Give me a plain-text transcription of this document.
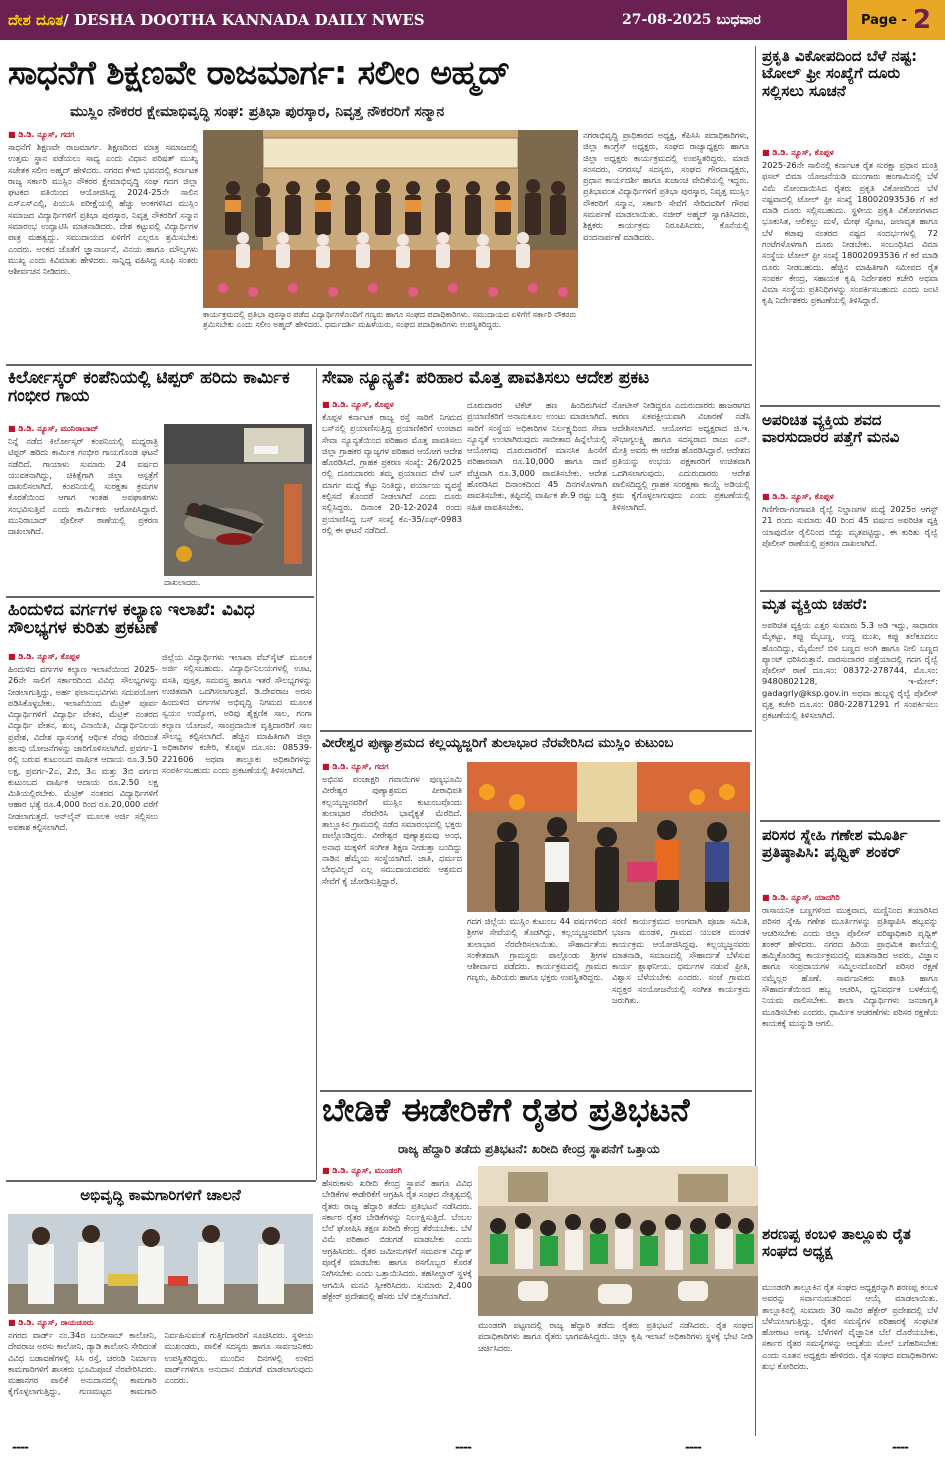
ದೇಶ ದೂತ/ DESHA DOOTHA KANNADA DAILY NWES	27-08-2025 ಬುಧವಾರ	Page - 2
ಸಾಧನೆಗೆ ಶಿಕ್ಷಣವೇ ರಾಜಮಾರ್ಗ: ಸಲೀಂ ಅಹ್ಮದ್
ಮುಸ್ಲಿಂ ನೌಕರರ ಕ್ಷೇಮಾಭಿವೃದ್ಧಿ ಸಂಘ: ಪ್ರತಿಭಾ ಪುರಸ್ಕಾರ, ನಿವೃತ್ತ ನೌಕರರಿಗೆ ಸನ್ಮಾನ
■ ಡಿ.ಡಿ. ನ್ಯೂಸ್, ಗದಗ
ಸಾಧನೆಗೆ ಶಿಕ್ಷಣವೇ ರಾಜಮಾರ್ಗ. ಶಿಕ್ಷಣದಿಂದ ಮಾತ್ರ ಸಮಾಜದಲ್ಲಿ ಉತ್ತಮ ಸ್ಥಾನ ಪಡೆಯಲು ಸಾಧ್ಯ ಎಂದು ವಿಧಾನ ಪರಿಷತ್ ಮುಖ್ಯ ಸಚೇತಕ ಸಲೀಂ ಅಹ್ಮದ್ ಹೇಳಿದರು. ನಗರದ ಕೆಇಬಿ ಭವನದಲ್ಲಿ ಕರ್ನಾಟಕ ರಾಜ್ಯ ಸರ್ಕಾರಿ ಮುಸ್ಲಿಂ ನೌಕರರ ಕ್ಷೇಮಾಭಿವೃದ್ಧಿ ಸಂಘ ಗದಗ ಜಿಲ್ಲಾ ಘಟಕದ ವತಿಯಿಂದ ಆಯೋಜಿಸಿದ್ದ 2024-25ನೇ ಸಾಲಿನ ಎಸ್ಎಸ್ಎಲ್ಸಿ, ಪಿಯುಸಿ ಪರೀಕ್ಷೆಯಲ್ಲಿ ಹೆಚ್ಚು ಅಂಕಗಳಿಸಿದ ಮುಸ್ಲಿಂ ಸಮಾಜದ ವಿದ್ಯಾರ್ಥಿಗಳಿಗೆ ಪ್ರತಿಭಾ ಪುರಸ್ಕಾರ, ನಿವೃತ್ತ ನೌಕರರಿಗೆ ಸನ್ಮಾನ ಸಮಾರಂಭ ಉದ್ಘಾಟಿಸಿ ಮಾತನಾಡಿದರು. ದೇಶ ಕಟ್ಟುವಲ್ಲಿ ವಿದ್ಯಾರ್ಥಿಗಳ ಪಾತ್ರ ಮಹತ್ವದ್ದು. ಸಮುದಾಯದ ಏಳಿಗೆಗೆ ಎಲ್ಲರೂ ಶ್ರಮಿಸಬೇಕು ಎಂದರು. ಅಂಕದ ಜೊತೆಗೆ ಜ್ಞಾನಾರ್ಜನೆ, ವಿನಯ ಹಾಗೂ ಮೌಲ್ಯಗಳು ಮುಖ್ಯ ಎಂದು ಕಿವಿಮಾತು ಹೇಳಿದರು. ಸಾನ್ನಿಧ್ಯ ವಹಿಸಿದ್ದ ಸೂಫಿ ಸಂತರು ಆಶೀರ್ವಚನ ನೀಡಿದರು.
ಕಾರ್ಯಕ್ರಮದಲ್ಲಿ ಪ್ರತಿಭಾ ಪುರಸ್ಕಾರ ಪಡೆದ ವಿದ್ಯಾರ್ಥಿಗಳೊಂದಿಗೆ ಗಣ್ಯರು ಹಾಗೂ ಸಂಘದ ಪದಾಧಿಕಾರಿಗಳು. ಸಮುದಾಯದ ಏಳಿಗೆಗೆ ಸರ್ಕಾರಿ ನೌಕರರು ಶ್ರಮಿಸಬೇಕು ಎಂದು ಸಲೀಂ ಅಹ್ಮದ್ ಹೇಳಿದರು. ಧರ್ಮದರ್ಶಿ ಮಹಿಳೆಯರು, ಸಂಘದ ಪದಾಧಿಕಾರಿಗಳು ಉಪಸ್ಥಿತರಿದ್ದರು.
ನಗರಾಭಿವೃದ್ಧಿ ಪ್ರಾಧಿಕಾರದ ಅಧ್ಯಕ್ಷ, ಕೆಪಿಸಿಸಿ ಪದಾಧಿಕಾರಿಗಳು, ಜಿಲ್ಲಾ ಕಾಂಗ್ರೆಸ್ ಅಧ್ಯಕ್ಷರು, ಸಂಘದ ರಾಜ್ಯಾಧ್ಯಕ್ಷರು ಹಾಗೂ ಜಿಲ್ಲಾ ಅಧ್ಯಕ್ಷರು ಕಾರ್ಯಕ್ರಮದಲ್ಲಿ ಉಪಸ್ಥಿತರಿದ್ದರು. ಮಾಜಿ ಸಂಸದರು, ನಗರಸಭೆ ಸದಸ್ಯರು, ಸಂಘದ ಗೌರವಾಧ್ಯಕ್ಷರು, ಪ್ರಧಾನ ಕಾರ್ಯದರ್ಶಿ ಹಾಗೂ ಖಜಾಂಚಿ ವೇದಿಕೆಯಲ್ಲಿ ಇದ್ದರು. ಪ್ರತಿಭಾವಂತ ವಿದ್ಯಾರ್ಥಿಗಳಿಗೆ ಪ್ರತಿಭಾ ಪುರಸ್ಕಾರ, ನಿವೃತ್ತ ಮುಸ್ಲಿಂ ನೌಕರರಿಗೆ ಸನ್ಮಾನ, ಸರ್ಕಾರಿ ಸೇವೆಗೆ ಸೇರಿದವರಿಗೆ ಗೌರವ ಸಮರ್ಪಣೆ ಮಾಡಲಾಯಿತು. ನಜೀರ್ ಅಹ್ಮದ್ ಸ್ವಾಗತಿಸಿದರು, ಶಿಕ್ಷಕರು ಕಾರ್ಯಕ್ರಮ ನಿರೂಪಿಸಿದರು, ಕೊನೆಯಲ್ಲಿ ವಂದನಾರ್ಪಣೆ ಮಾಡಿದರು.
ಪ್ರಕೃತಿ ವಿಕೋಪದಿಂದ ಬೆಳೆ ನಷ್ಟ: ಟೋಲ್ ಫ್ರೀ ಸಂಖ್ಯೆಗೆ ದೂರು ಸಲ್ಲಿಸಲು ಸೂಚನೆ
■ ಡಿ.ಡಿ. ನ್ಯೂಸ್, ಕೊಪ್ಪಳ
2025-26ನೇ ಸಾಲಿನಲ್ಲಿ ಕರ್ನಾಟಕ ರೈತ ಸುರಕ್ಷಾ ಪ್ರಧಾನ ಮಂತ್ರಿ ಫಸಲ್ ಬಿಮಾ ಯೋಜನೆಯಡಿ ಮುಂಗಾರು ಹಂಗಾಮಿನಲ್ಲಿ ಬೆಳೆ ವಿಮೆ ನೋಂದಾಯಿಸಿದ ರೈತರು ಪ್ರಕೃತಿ ವಿಕೋಪದಿಂದ ಬೆಳೆ ನಷ್ಟವಾದಲ್ಲಿ ಟೋಲ್ ಫ್ರೀ ಸಂಖ್ಯೆ 18002093536 ಗೆ ಕರೆ ಮಾಡಿ ದೂರು ಸಲ್ಲಿಸಬಹುದು. ಸ್ಥಳೀಯ ಪ್ರಕೃತಿ ವಿಕೋಪಗಳಾದ ಭೂಕುಸಿತ, ಆಲಿಕಲ್ಲು ಮಳೆ, ಮೇಘ ಸ್ಫೋಟ, ಜಲಾವೃತ ಹಾಗೂ ಬೆಳೆ ಕಟಾವು ನಂತರದ ನಷ್ಟದ ಸಂದರ್ಭಗಳಲ್ಲಿ 72 ಗಂಟೆಗಳೊಳಗಾಗಿ ದೂರು ನೀಡಬೇಕು. ಸಂಬಂಧಿಸಿದ ವಿಮಾ ಸಂಸ್ಥೆಯ ಟೋಲ್ ಫ್ರೀ ಸಂಖ್ಯೆ 18002093536 ಗೆ ಕರೆ ಮಾಡಿ ದೂರು ನೀಡಬಹುದು. ಹೆಚ್ಚಿನ ಮಾಹಿತಿಗಾಗಿ ಸಮೀಪದ ರೈತ ಸಂಪರ್ಕ ಕೇಂದ್ರ, ಸಹಾಯಕ ಕೃಷಿ ನಿರ್ದೇಶಕರ ಕಚೇರಿ ಅಥವಾ ವಿಮಾ ಸಂಸ್ಥೆಯ ಪ್ರತಿನಿಧಿಗಳನ್ನು ಸಂಪರ್ಕಿಸಬಹುದು ಎಂದು ಜಂಟಿ ಕೃಷಿ ನಿರ್ದೇಶಕರು ಪ್ರಕಟಣೆಯಲ್ಲಿ ತಿಳಿಸಿದ್ದಾರೆ.
ಅಪರಿಚಿತ ವ್ಯಕ್ತಿಯ ಶವದ ವಾರಸುದಾರರ ಪತ್ತೆಗೆ ಮನವಿ
■ ಡಿ.ಡಿ. ನ್ಯೂಸ್, ಕೊಪ್ಪಳ
ಗಿಣಿಗೇರಾ-ಗಂಗಾವತಿ ರೈಲ್ವೆ ನಿಲ್ದಾಣಗಳ ಮಧ್ಯೆ 2025ರ ಆಗಸ್ಟ್ 21 ರಂದು ಸುಮಾರು 40 ರಿಂದ 45 ವರ್ಷದ ಅಪರಿಚಿತ ವ್ಯಕ್ತಿ ಯಾವುದೋ ರೈಲಿನಿಂದ ಬಿದ್ದು ಮೃತಪಟ್ಟಿದ್ದು, ಈ ಕುರಿತು ರೈಲ್ವೆ ಪೊಲೀಸ್ ಠಾಣೆಯಲ್ಲಿ ಪ್ರಕರಣ ದಾಖಲಾಗಿದೆ.
ಮೃತ ವ್ಯಕ್ತಿಯ ಚಹರೆ:
ಅಪರಿಚಿತ ವ್ಯಕ್ತಿಯ ಎತ್ತರ ಸುಮಾರು 5.3 ಅಡಿ ಇದ್ದು, ಸಾಧಾರಣ ಮೈಕಟ್ಟು, ಕಪ್ಪು ಮೈಬಣ್ಣ, ಉದ್ದ ಮುಖ, ಕಪ್ಪು ತಲೆಕೂದಲು ಹೊಂದಿದ್ದು, ಮೈಮೇಲೆ ಬಿಳಿ ಬಣ್ಣದ ಅಂಗಿ ಹಾಗೂ ನೀಲಿ ಬಣ್ಣದ ಪ್ಯಾಂಟ್ ಧರಿಸಿರುತ್ತಾನೆ. ವಾರಸುದಾರರ ಪತ್ತೆಯಾದಲ್ಲಿ ಗದಗ ರೈಲ್ವೆ ಪೊಲೀಸ್ ಠಾಣೆ ದೂ.ಸಂ: 08372-278744, ಮೊ.ಸಂ: 9480802128, ಇ-ಮೇಲ್: gadagrly@ksp.gov.in ಅಥವಾ ಹುಬ್ಬಳ್ಳಿ ರೈಲ್ವೆ ಪೊಲೀಸ್ ವೃತ್ತ ಕಚೇರಿ ದೂ.ಸಂ: 080-22871291 ಗೆ ಸಂಪರ್ಕಿಸಲು ಪ್ರಕಟಣೆಯಲ್ಲಿ ತಿಳಿಸಲಾಗಿದೆ.
ಪರಿಸರ ಸ್ನೇಹಿ ಗಣೇಶ ಮೂರ್ತಿ ಪ್ರತಿಷ್ಠಾಪಿಸಿ: ಪೃಥ್ವಿಕ್ ಶಂಕರ್
■ ಡಿ.ಡಿ. ನ್ಯೂಸ್, ಯಾದಗಿರಿ
ರಾಸಾಯನಿಕ ಬಣ್ಣಗಳಿಂದ ಮುಕ್ತವಾದ, ಮಣ್ಣಿನಿಂದ ತಯಾರಿಸಿದ ಪರಿಸರ ಸ್ನೇಹಿ ಗಣೇಶ ಮೂರ್ತಿಗಳನ್ನು ಪ್ರತಿಷ್ಠಾಪಿಸಿ ಹಬ್ಬವನ್ನು ಆಚರಿಸಬೇಕು ಎಂದು ಜಿಲ್ಲಾ ಪೊಲೀಸ್ ವರಿಷ್ಠಾಧಿಕಾರಿ ಪೃಥ್ವಿಕ್ ಶಂಕರ್ ಹೇಳಿದರು. ನಗರದ ಹಿರಿಯ ಪ್ರಾಥಮಿಕ ಶಾಲೆಯಲ್ಲಿ ಹಮ್ಮಿಕೊಂಡಿದ್ದ ಕಾರ್ಯಕ್ರಮದಲ್ಲಿ ಮಾತನಾಡಿದ ಅವರು, ವಿಜ್ಞಾನ ಹಾಗೂ ಸಂಪ್ರದಾಯಗಳ ಸಮ್ಮಿಲನದೊಂದಿಗೆ ಪರಿಸರ ರಕ್ಷಣೆ ನಮ್ಮೆಲ್ಲರ ಹೊಣೆ. ಸಾರ್ವಜನಿಕರು ಶಾಂತಿ ಹಾಗೂ ಸೌಹಾರ್ದತೆಯಿಂದ ಹಬ್ಬ ಆಚರಿಸಿ, ಧ್ವನಿವರ್ಧಕ ಬಳಕೆಯಲ್ಲಿ ನಿಯಮ ಪಾಲಿಸಬೇಕು. ಶಾಲಾ ವಿದ್ಯಾರ್ಥಿಗಳು ಜನಜಾಗೃತಿ ಮೂಡಿಸಬೇಕು ಎಂದರು. ಧಾರ್ಮಿಕ ಆಚರಣೆಗಳು ಪರಿಸರ ರಕ್ಷಣೆಯ ಕಾಯಕಕ್ಕೆ ಮುನ್ನುಡಿ ಆಗಲಿ.
ಕಿರ್ಲೋಸ್ಕರ್ ಕಂಪೆನಿಯಲ್ಲಿ ಟಿಪ್ಪರ್ ಹರಿದು ಕಾರ್ಮಿಕ ಗಂಭೀರ ಗಾಯ
■ ಡಿ.ಡಿ. ನ್ಯೂಸ್, ಮುನಿರಾಬಾದ್
ನಿನ್ನೆ ನಡೆದ ಕಿರ್ಲೋಸ್ಕರ್ ಕಂಪನಿಯಲ್ಲಿ ಮಧ್ಯರಾತ್ರಿ ಟಿಪ್ಪರ್ ಹರಿದು ಕಾರ್ಮಿಕ ಗಂಭೀರ ಗಾಯಗೊಂಡ ಘಟನೆ ನಡೆದಿದೆ. ಗಾಯಾಳು ಸುಮಾರು 24 ವರ್ಷದ ಯುವಕನಾಗಿದ್ದು, ಚಿಕಿತ್ಸೆಗಾಗಿ ಜಿಲ್ಲಾ ಆಸ್ಪತ್ರೆಗೆ ದಾಖಲಿಸಲಾಗಿದೆ. ಕಂಪನಿಯಲ್ಲಿ ಸುರಕ್ಷತಾ ಕ್ರಮಗಳ ಕೊರತೆಯಿಂದ ಆಗಾಗ ಇಂತಹ ಅಪಘಾತಗಳು ಸಂಭವಿಸುತ್ತಿವೆ ಎಂದು ಕಾರ್ಮಿಕರು ಆರೋಪಿಸಿದ್ದಾರೆ. ಮುನಿರಾಬಾದ್ ಪೊಲೀಸ್ ಠಾಣೆಯಲ್ಲಿ ಪ್ರಕರಣ ದಾಖಲಾಗಿದೆ.
ದಾಖಲಾದರು.
ಹಿಂದುಳಿದ ವರ್ಗಗಳ ಕಲ್ಯಾಣ ಇಲಾಖೆ: ವಿವಿಧ ಸೌಲಭ್ಯಗಳ ಕುರಿತು ಪ್ರಕಟಣೆ
■ ಡಿ.ಡಿ. ನ್ಯೂಸ್, ಕೊಪ್ಪಳ
ಹಿಂದುಳಿದ ವರ್ಗಗಳ ಕಲ್ಯಾಣ ಇಲಾಖೆಯಿಂದ 2025-26ನೇ ಸಾಲಿಗೆ ಸರ್ಕಾರದಿಂದ ವಿವಿಧ ಸೌಲಭ್ಯಗಳನ್ನು ನೀಡಲಾಗುತ್ತಿದ್ದು, ಅರ್ಹ ಫಲಾನುಭವಿಗಳು ಸದುಪಯೋಗ ಪಡಿಸಿಕೊಳ್ಳಬೇಕು. ಇಲಾಖೆಯಿಂದ ಮೆಟ್ರಿಕ್ ಪೂರ್ವ ವಿದ್ಯಾರ್ಥಿಗಳಿಗೆ ವಿದ್ಯಾರ್ಥಿ ವೇತನ, ಮೆಟ್ರಿಕ್ ನಂತರದ ವಿದ್ಯಾರ್ಥಿ ವೇತನ, ಶುಲ್ಕ ವಿನಾಯಿತಿ, ವಿದ್ಯಾರ್ಥಿನಿಲಯ ಪ್ರವೇಶ, ವಿದೇಶ ವ್ಯಾಸಂಗಕ್ಕೆ ಆರ್ಥಿಕ ನೆರವು ಸೇರಿದಂತೆ ಹಲವು ಯೋಜನೆಗಳನ್ನು ಜಾರಿಗೊಳಿಸಲಾಗಿದೆ. ಪ್ರವರ್ಗ-1 ರಲ್ಲಿ ಬರುವ ಕುಟುಂಬದ ವಾರ್ಷಿಕ ಆದಾಯ ರೂ.3.50 ಲಕ್ಷ, ಪ್ರವರ್ಗ-2ಎ, 2ಬಿ, 3ಎ ಮತ್ತು 3ಬಿ ವರ್ಗದ ಕುಟುಂಬದ ವಾರ್ಷಿಕ ಆದಾಯ ರೂ.2.50 ಲಕ್ಷ ಮಿತಿಯಲ್ಲಿರಬೇಕು. ಮೆಟ್ರಿಕ್ ನಂತರದ ವಿದ್ಯಾರ್ಥಿಗಳಿಗೆ ಆಹಾರ ಭತ್ಯೆ ರೂ.4,000 ರಿಂದ ರೂ.20,000 ವರೆಗೆ ನೀಡಲಾಗುತ್ತದೆ. ಆನ್‌ಲೈನ್ ಮೂಲಕ ಅರ್ಜಿ ಸಲ್ಲಿಸಲು ಅವಕಾಶ ಕಲ್ಪಿಸಲಾಗಿದೆ.
ಜಿಲ್ಲೆಯ ವಿದ್ಯಾರ್ಥಿಗಳು ಇಲಾಖಾ ವೆಬ್‌ಸೈಟ್ ಮೂಲಕ ಅರ್ಜಿ ಸಲ್ಲಿಸಬಹುದು. ವಿದ್ಯಾರ್ಥಿನಿಲಯಗಳಲ್ಲಿ ಊಟ, ವಸತಿ, ಪುಸ್ತಕ, ಸಮವಸ್ತ್ರ ಹಾಗೂ ಇತರೆ ಸೌಲಭ್ಯಗಳನ್ನು ಉಚಿತವಾಗಿ ಒದಗಿಸಲಾಗುತ್ತದೆ. ಡಿ.ದೇವರಾಜ ಅರಸು ಹಿಂದುಳಿದ ವರ್ಗಗಳ ಅಭಿವೃದ್ಧಿ ನಿಗಮದ ಮೂಲಕ ಸ್ವಯಂ ಉದ್ಯೋಗ, ಅರಿವು ಶೈಕ್ಷಣಿಕ ಸಾಲ, ಗಂಗಾ ಕಲ್ಯಾಣ ಯೋಜನೆ, ಸಾಂಪ್ರದಾಯಿಕ ವೃತ್ತಿದಾರರಿಗೆ ಸಾಲ ಸೌಲಭ್ಯ ಕಲ್ಪಿಸಲಾಗಿದೆ. ಹೆಚ್ಚಿನ ಮಾಹಿತಿಗಾಗಿ ಜಿಲ್ಲಾ ಅಧಿಕಾರಿಗಳ ಕಚೇರಿ, ಕೊಪ್ಪಳ ದೂ.ಸಂ: 08539-221606 ಅಥವಾ ತಾಲ್ಲೂಕು ಅಧಿಕಾರಿಗಳನ್ನು ಸಂಪರ್ಕಿಸಬಹುದು ಎಂದು ಪ್ರಕಟಣೆಯಲ್ಲಿ ತಿಳಿಸಲಾಗಿದೆ.
ಸೇವಾ ನ್ಯೂನ್ಯತೆ: ಪರಿಹಾರ ಮೊತ್ತ ಪಾವತಿಸಲು ಆದೇಶ ಪ್ರಕಟ
■ ಡಿ.ಡಿ. ನ್ಯೂಸ್, ಕೊಪ್ಪಳ
ಕೊಪ್ಪಳ ಕರ್ನಾಟಕ ರಾಜ್ಯ ರಸ್ತೆ ಸಾರಿಗೆ ನಿಗಮದ ಬಸ್‌ನಲ್ಲಿ ಪ್ರಯಾಣಿಸುತ್ತಿದ್ದ ಪ್ರಯಾಣಿಕರಿಗೆ ಉಂಟಾದ ಸೇವಾ ನ್ಯೂನ್ಯತೆಯಿಂದ ಪರಿಹಾರ ಮೊತ್ತ ಪಾವತಿಸಲು ಜಿಲ್ಲಾ ಗ್ರಾಹಕರ ವ್ಯಾಜ್ಯಗಳ ಪರಿಹಾರ ಆಯೋಗ ಆದೇಶ ಹೊರಡಿಸಿದೆ. ಗ್ರಾಹಕ ಪ್ರಕರಣ ಸಂಖ್ಯೆ: 26/2025 ರಲ್ಲಿ ದೂರುದಾರರು ತಮ್ಮ ಪ್ರಯಾಣದ ವೇಳೆ ಬಸ್ ಮಾರ್ಗ ಮಧ್ಯೆ ಕೆಟ್ಟು ನಿಂತಿದ್ದು, ಪರ್ಯಾಯ ವ್ಯವಸ್ಥೆ ಕಲ್ಪಿಸದೆ ತೊಂದರೆ ನೀಡಲಾಗಿದೆ ಎಂದು ದೂರು ಸಲ್ಲಿಸಿದ್ದರು. ದಿನಾಂಕ 20-12-2024 ರಂದು ಪ್ರಯಾಣಿಸಿದ್ದ ಬಸ್ ಸಂಖ್ಯೆ ಕೆಎ-35/ಎಫ್-0983 ರಲ್ಲಿ ಈ ಘಟನೆ ನಡೆದಿದೆ.
ದೂರುದಾರರ ಟಿಕೆಟ್ ಹಣ ಹಿಂದಿರುಗಿಸದೆ ಪ್ರಯಾಣಿಕರಿಗೆ ಅನಾನುಕೂಲ ಉಂಟು ಮಾಡಲಾಗಿದೆ. ಸಾರಿಗೆ ಸಂಸ್ಥೆಯ ಅಧಿಕಾರಿಗಳ ನಿರ್ಲಕ್ಷ್ಯದಿಂದ ಸೇವಾ ನ್ಯೂನ್ಯತೆ ಉಂಟಾಗಿರುವುದು ಸಾಬೀತಾದ ಹಿನ್ನೆಲೆಯಲ್ಲಿ ಆಯೋಗವು ದೂರುದಾರರಿಗೆ ಮಾನಸಿಕ ಹಿಂಸೆಗೆ ಪರಿಹಾರವಾಗಿ ರೂ.10,000 ಹಾಗೂ ದಾವೆ ವೆಚ್ಚವಾಗಿ ರೂ.3,000 ಪಾವತಿಸಬೇಕು. ಆದೇಶ ಹೊರಡಿಸಿದ ದಿನಾಂಕದಿಂದ 45 ದಿನಗಳೊಳಗಾಗಿ ಪಾವತಿಸಬೇಕು, ತಪ್ಪಿದಲ್ಲಿ ವಾರ್ಷಿಕ ಶೇ.9 ರಷ್ಟು ಬಡ್ಡಿ ಸಹಿತ ಪಾವತಿಸಬೇಕು.
ನೋಟೀಸ್ ನೀಡಿದ್ದರೂ ಎದುರುದಾರರು ಹಾಜರಾಗದ ಕಾರಣ ಏಕಪಕ್ಷೀಯವಾಗಿ ವಿಚಾರಣೆ ನಡೆಸಿ ಆದೇಶಿಸಲಾಗಿದೆ. ಆಯೋಗದ ಅಧ್ಯಕ್ಷರಾದ ಜಿ.ಇ. ಸೌಭಾಗ್ಯಲಕ್ಷ್ಮಿ ಹಾಗೂ ಸದಸ್ಯರಾದ ರಾಜು ಎನ್. ಮೇತ್ರಿ ಅವರು ಈ ಆದೇಶ ಹೊರಡಿಸಿದ್ದಾರೆ. ಆದೇಶದ ಪ್ರತಿಯನ್ನು ಉಭಯ ಪಕ್ಷಕಾರರಿಗೆ ಉಚಿತವಾಗಿ ಒದಗಿಸಲಾಗುವುದು. ಎದುರುದಾರರು ಆದೇಶ ಪಾಲಿಸದಿದ್ದಲ್ಲಿ ಗ್ರಾಹಕ ಸಂರಕ್ಷಣಾ ಕಾಯ್ದೆ ಅಡಿಯಲ್ಲಿ ಕ್ರಮ ಕೈಗೊಳ್ಳಲಾಗುವುದು ಎಂದು ಪ್ರಕಟಣೆಯಲ್ಲಿ ತಿಳಿಸಲಾಗಿದೆ.
ವೀರೇಶ್ವರ ಪುಣ್ಯಾಶ್ರಮದ ಕಲ್ಲಯ್ಯಜ್ಜರಿಗೆ ತುಲಾಭಾರ ನೆರವೇರಿಸಿದ ಮುಸ್ಲಿಂ ಕುಟುಂಬ
■ ಡಿ.ಡಿ. ನ್ಯೂಸ್, ಗದಗ
ಅಭಿನವ ಪಂಚಾಕ್ಷರಿ ಗವಾಯಿಗಳ ಪುಣ್ಯಭೂಮಿ ವೀರೇಶ್ವರ ಪುಣ್ಯಾಶ್ರಮದ ಪೀಠಾಧಿಪತಿ ಕಲ್ಲಯ್ಯಜ್ಜನವರಿಗೆ ಮುಸ್ಲಿಂ ಕುಟುಂಬವೊಂದು ತುಲಾಭಾರ ನೆರವೇರಿಸಿ ಭಾವೈಕ್ಯತೆ ಮೆರೆದಿದೆ. ತಾಲ್ಲೂಕಿನ ಗ್ರಾಮದಲ್ಲಿ ನಡೆದ ಸಮಾರಂಭದಲ್ಲಿ ಭಕ್ತರು ಪಾಲ್ಗೊಂಡಿದ್ದರು. ವೀರೇಶ್ವರ ಪುಣ್ಯಾಶ್ರಮವು ಅಂಧ, ಅನಾಥ ಮಕ್ಕಳಿಗೆ ಸಂಗೀತ ಶಿಕ್ಷಣ ನೀಡುತ್ತಾ ಬಂದಿದ್ದು ನಾಡಿನ ಹೆಮ್ಮೆಯ ಸಂಸ್ಥೆಯಾಗಿದೆ. ಜಾತಿ, ಧರ್ಮದ ಬೇಧವಿಲ್ಲದೆ ಎಲ್ಲ ಸಮುದಾಯದವರು ಆಶ್ರಮದ ಸೇವೆಗೆ ಕೈ ಜೋಡಿಸುತ್ತಿದ್ದಾರೆ.
ಗದಗ ಜಿಲ್ಲೆಯ ಮುಸ್ಲಿಂ ಕುಟುಂಬ 44 ವರ್ಷಗಳಿಂದ ಶ್ರೀಗಳ ಸೇವೆಯಲ್ಲಿ ತೊಡಗಿದ್ದು, ಕಲ್ಲಯ್ಯಜ್ಜನವರಿಗೆ ತುಲಾಭಾರ ನೆರವೇರಿಸಲಾಯಿತು. ಸೌಹಾರ್ದತೆಯ ಸಂಕೇತವಾಗಿ ಗ್ರಾಮಸ್ಥರು ಪಾಲ್ಗೊಂಡು ಶ್ರೀಗಳ ಆಶೀರ್ವಾದ ಪಡೆದರು. ಕಾರ್ಯಕ್ರಮದಲ್ಲಿ ಗ್ರಾಮದ ಗಣ್ಯರು, ಹಿರಿಯರು ಹಾಗೂ ಭಕ್ತರು ಉಪಸ್ಥಿತರಿದ್ದರು.
ಸರಣಿ ಕಾರ್ಯಕ್ರಮದ ಅಂಗವಾಗಿ ಪೂಜಾ ಸಮಿತಿ, ಭಜನಾ ಮಂಡಳಿ, ಗ್ರಾಮದ ಯುವಕ ಮಂಡಳಿ ಕಾರ್ಯಕ್ರಮ ಆಯೋಜಿಸಿದ್ದವು. ಕಲ್ಲಯ್ಯಜ್ಜನವರು ಮಾತನಾಡಿ, ಸಮಾಜದಲ್ಲಿ ಸೌಹಾರ್ದತೆ ಬೆಳೆಸುವ ಕಾರ್ಯ ಶ್ಲಾಘನೀಯ. ಧರ್ಮಗಳ ನಡುವೆ ಪ್ರೀತಿ, ವಿಶ್ವಾಸ ಬೆಳೆಯಬೇಕು ಎಂದರು. ಸಂಜೆ ಗ್ರಾಮದ ಸದ್ಭಕ್ತರ ಸಂಯೋಜನೆಯಲ್ಲಿ ಸಂಗೀತ ಕಾರ್ಯಕ್ರಮ ಜರುಗಿತು.
ಬೇಡಿಕೆ ಈಡೇರಿಕೆಗೆ ರೈತರ ಪ್ರತಿಭಟನೆ
ರಾಜ್ಯ ಹೆದ್ದಾರಿ ತಡೆದು ಪ್ರತಿಭಟನೆ: ಖರೀದಿ ಕೇಂದ್ರ ಸ್ಥಾಪನೆಗೆ ಒತ್ತಾಯ
■ ಡಿ.ಡಿ. ನ್ಯೂಸ್, ಮುಂಡರಗಿ
ಹೆಸರುಕಾಳು ಖರೀದಿ ಕೇಂದ್ರ ಸ್ಥಾಪನೆ ಹಾಗೂ ವಿವಿಧ ಬೇಡಿಕೆಗಳ ಈಡೇರಿಕೆಗೆ ಆಗ್ರಹಿಸಿ ರೈತ ಸಂಘದ ನೇತೃತ್ವದಲ್ಲಿ ರೈತರು ರಾಜ್ಯ ಹೆದ್ದಾರಿ ತಡೆದು ಪ್ರತಿಭಟನೆ ನಡೆಸಿದರು. ಸರ್ಕಾರ ರೈತರ ಬೇಡಿಕೆಗಳನ್ನು ನಿರ್ಲಕ್ಷಿಸುತ್ತಿದೆ. ಬೆಂಬಲ ಬೆಲೆ ಘೋಷಿಸಿ ತಕ್ಷಣ ಖರೀದಿ ಕೇಂದ್ರ ತೆರೆಯಬೇಕು. ಬೆಳೆ ವಿಮೆ ಪರಿಹಾರ ಬಿಡುಗಡೆ ಮಾಡಬೇಕು ಎಂದು ಆಗ್ರಹಿಸಿದರು. ರೈತರ ಜಮೀನುಗಳಿಗೆ ಸಮರ್ಪಕ ವಿದ್ಯುತ್ ಪೂರೈಕೆ ಮಾಡಬೇಕು ಹಾಗೂ ರಸಗೊಬ್ಬರ ಕೊರತೆ ನೀಗಿಸಬೇಕು ಎಂದು ಒತ್ತಾಯಿಸಿದರು. ತಹಸೀಲ್ದಾರ್ ಸ್ಥಳಕ್ಕೆ ಆಗಮಿಸಿ ಮನವಿ ಸ್ವೀಕರಿಸಿದರು. ಸುಮಾರು 2,400 ಹೆಕ್ಟೇರ್ ಪ್ರದೇಶದಲ್ಲಿ ಹೆಸರು ಬೆಳೆ ಬಿತ್ತನೆಯಾಗಿದೆ.
ಮುಂಡರಗಿ ಪಟ್ಟಣದಲ್ಲಿ ರಾಜ್ಯ ಹೆದ್ದಾರಿ ತಡೆದು ರೈತರು ಪ್ರತಿಭಟನೆ ನಡೆಸಿದರು. ರೈತ ಸಂಘದ ಪದಾಧಿಕಾರಿಗಳು ಹಾಗೂ ರೈತರು ಭಾಗವಹಿಸಿದ್ದರು. ಜಿಲ್ಲಾ ಕೃಷಿ ಇಲಾಖೆ ಅಧಿಕಾರಿಗಳು ಸ್ಥಳಕ್ಕೆ ಭೇಟಿ ನೀಡಿ ಚರ್ಚಿಸಿದರು.
ಶರಣಪ್ಪ ಕಂಬಳಿ ತಾಲ್ಲೂಕು ರೈತ ಸಂಘದ ಅಧ್ಯಕ್ಷ
ಮುಂಡರಗಿ ತಾಲ್ಲೂಕಿನ ರೈತ ಸಂಘದ ಅಧ್ಯಕ್ಷರನ್ನಾಗಿ ಶರಣಪ್ಪ ಕಂಬಳಿ ಅವರನ್ನು ಸರ್ವಾನುಮತದಿಂದ ಆಯ್ಕೆ ಮಾಡಲಾಯಿತು. ತಾಲ್ಲೂಕಿನಲ್ಲಿ ಸುಮಾರು 30 ಸಾವಿರ ಹೆಕ್ಟೇರ್ ಪ್ರದೇಶದಲ್ಲಿ ಬೆಳೆ ಬೆಳೆಯಲಾಗುತ್ತಿದ್ದು, ರೈತರ ಸಮಸ್ಯೆಗಳ ಪರಿಹಾರಕ್ಕೆ ಸಂಘಟಿತ ಹೋರಾಟ ಅಗತ್ಯ. ಬೆಳೆಗಳಿಗೆ ವೈಜ್ಞಾನಿಕ ಬೆಲೆ ದೊರೆಯಬೇಕು, ಸರ್ಕಾರ ರೈತರ ಸಮಸ್ಯೆಗಳನ್ನು ಆದ್ಯತೆಯ ಮೇಲೆ ಬಗೆಹರಿಸಬೇಕು ಎಂದು ನೂತನ ಅಧ್ಯಕ್ಷರು ಹೇಳಿದರು. ರೈತ ಸಂಘದ ಪದಾಧಿಕಾರಿಗಳು ಶುಭ ಕೋರಿದರು.
ಅಭಿವೃದ್ಧಿ ಕಾಮಗಾರಿಗಳಿಗೆ ಚಾಲನೆ
■ ಡಿ.ಡಿ. ನ್ಯೂಸ್, ರಾಯಚೂರು
ನಗರದ ವಾರ್ಡ್ ನಂ.34ರ ಬಂದೀಸಾಬ್ ಕಾಲೋನಿ, ದೇವರಾಜ ಅರಸು ಕಾಲೋನಿ, ಡ್ಯಾಡಿ ಕಾಲೋನಿ ಸೇರಿದಂತೆ ವಿವಿಧ ಬಡಾವಣೆಗಳಲ್ಲಿ ಸಿಸಿ ರಸ್ತೆ, ಚರಂಡಿ ನಿರ್ಮಾಣ ಕಾಮಗಾರಿಗಳಿಗೆ ಶಾಸಕರು ಭೂಮಿಪೂಜೆ ನೆರವೇರಿಸಿದರು. ಮಹಾನಗರ ಪಾಲಿಕೆ ಅನುದಾನದಲ್ಲಿ ಕಾಮಗಾರಿ ಕೈಗೊಳ್ಳಲಾಗುತ್ತಿದ್ದು, ಗುಣಮಟ್ಟದ ಕಾಮಗಾರಿ ನಿರ್ವಹಿಸುವಂತೆ ಗುತ್ತಿಗೆದಾರರಿಗೆ ಸೂಚಿಸಿದರು. ಸ್ಥಳೀಯ ಮುಖಂಡರು, ಪಾಲಿಕೆ ಸದಸ್ಯರು ಹಾಗೂ ಸಾರ್ವಜನಿಕರು ಉಪಸ್ಥಿತರಿದ್ದರು. ಮುಂದಿನ ದಿನಗಳಲ್ಲಿ ಉಳಿದ ವಾರ್ಡ್‌ಗಳಿಗೂ ಅನುದಾನ ಬಿಡುಗಡೆ ಮಾಡಲಾಗುವುದು ಎಂದರು.
----	----	----	----
